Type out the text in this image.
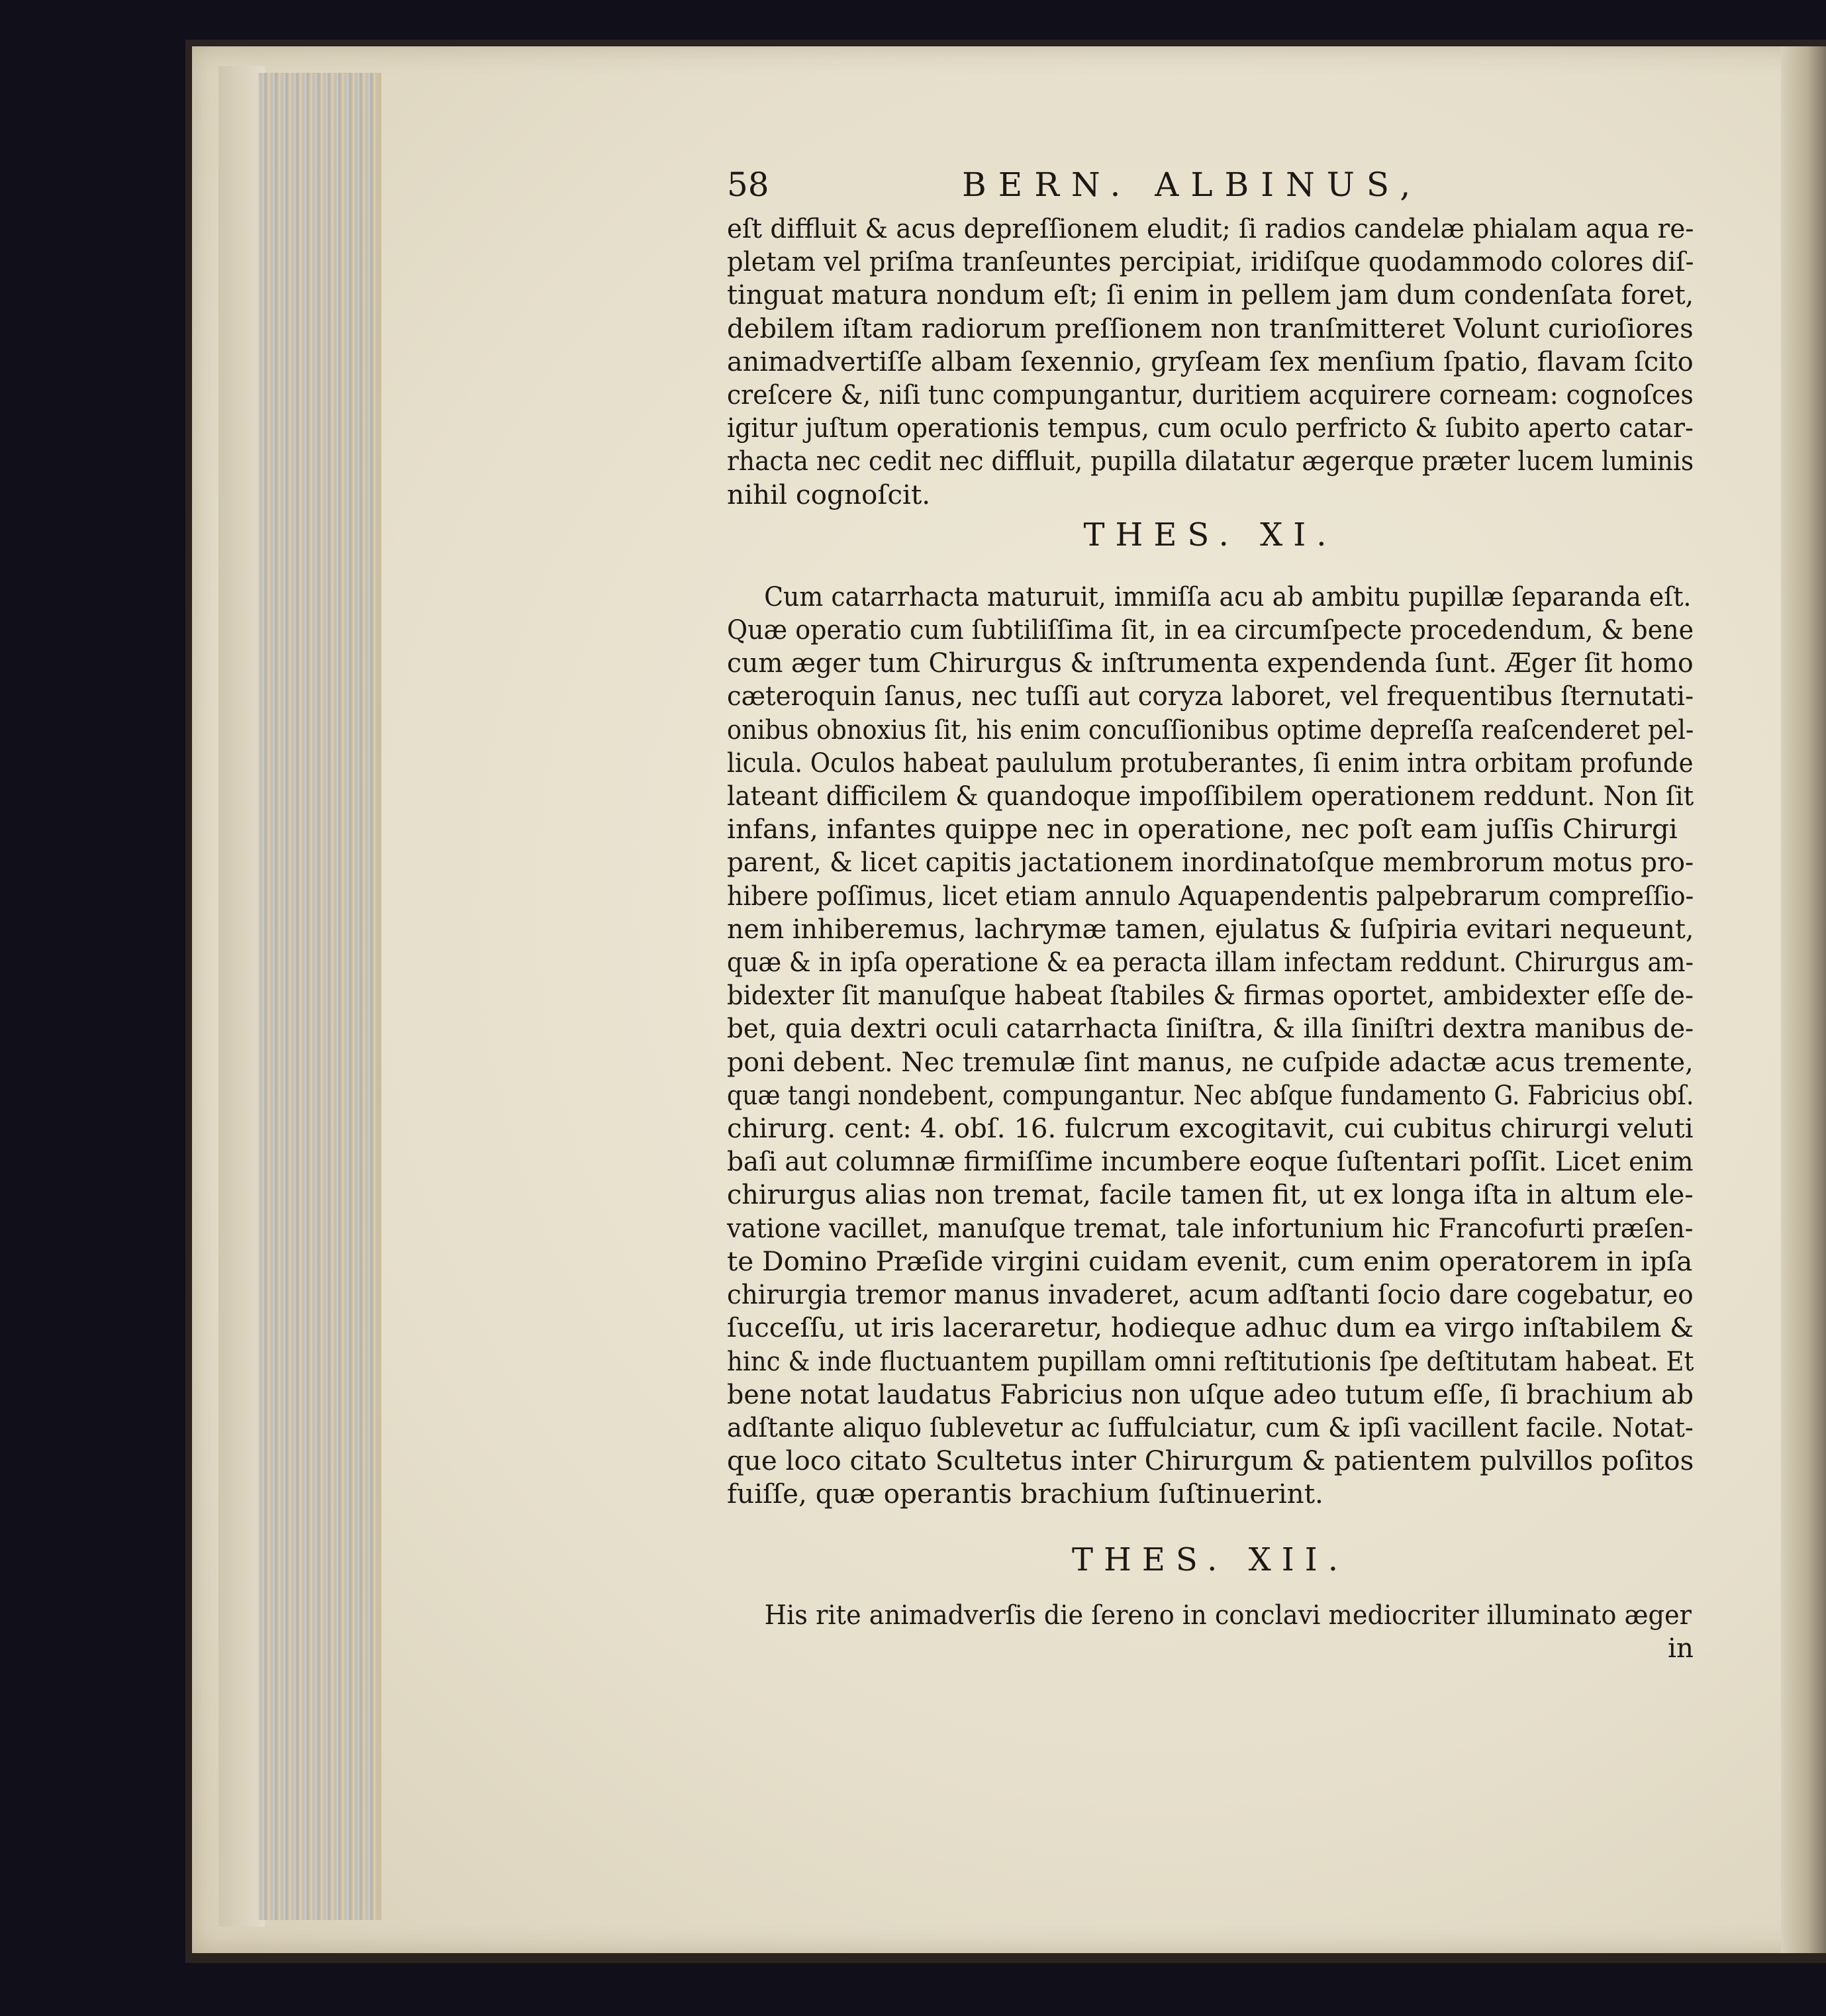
58	BERN. ALBINUS,
eſt diffluit & acus depreſſionem eludit; ſi radios candelæ phialam aqua re-
pletam vel priſma tranſeuntes percipiat, iridiſque quodammodo colores diſ-
tinguat matura nondum eſt; ſi enim in pellem jam dum condenſata foret,
debilem iſtam radiorum preſſionem non tranſmitteret Volunt curioſiores
animadvertiſſe albam ſexennio, gryſeam ſex menſium ſpatio, flavam ſcito
creſcere &, niſi tunc compungantur, duritiem acquirere corneam: cognoſces
igitur juſtum operationis tempus, cum oculo perfricto & ſubito aperto catar-
rhacta nec cedit nec diffluit, pupilla dilatatur ægerque præter lucem luminis
nihil cognoſcit.
THES. XI.
Cum catarrhacta maturuit, immiſſa acu ab ambitu pupillæ ſeparanda eſt.
Quæ operatio cum ſubtiliſſima ſit, in ea circumſpecte procedendum, & bene
cum æger tum Chirurgus & inſtrumenta expendenda ſunt. Æger ſit homo
cæteroquin ſanus, nec tuſſi aut coryza laboret, vel frequentibus ſternutati-
onibus obnoxius ſit, his enim concuſſionibus optime depreſſa reaſcenderet pel-
licula. Oculos habeat paululum protuberantes, ſi enim intra orbitam profunde
lateant difficilem & quandoque impoſſibilem operationem reddunt. Non ſit
infans, infantes quippe nec in operatione, nec poſt eam juſſis Chirurgi
parent, & licet capitis jactationem inordinatoſque membrorum motus pro-
hibere poſſimus, licet etiam annulo Aquapendentis palpebrarum compreſſio-
nem inhiberemus, lachrymæ tamen, ejulatus & ſuſpiria evitari nequeunt,
quæ & in ipſa operatione & ea peracta illam infectam reddunt. Chirurgus am-
bidexter ſit manuſque habeat ſtabiles & firmas oportet, ambidexter eſſe de-
bet, quia dextri oculi catarrhacta ſiniſtra, & illa ſiniſtri dextra manibus de-
poni debent. Nec tremulæ ſint manus, ne cuſpide adactæ acus tremente,
quæ tangi nondebent, compungantur. Nec abſque fundamento G. Fabricius obſ.
chirurg. cent: 4. obſ. 16. fulcrum excogitavit, cui cubitus chirurgi veluti
baſi aut columnæ firmiſſime incumbere eoque ſuſtentari poſſit. Licet enim
chirurgus alias non tremat, facile tamen fit, ut ex longa iſta in altum ele-
vatione vacillet, manuſque tremat, tale infortunium hic Francofurti præſen-
te Domino Præſide virgini cuidam evenit, cum enim operatorem in ipſa
chirurgia tremor manus invaderet, acum adſtanti ſocio dare cogebatur, eo
ſucceſſu, ut iris laceraretur, hodieque adhuc dum ea virgo inſtabilem &
hinc & inde fluctuantem pupillam omni reſtitutionis ſpe deſtitutam habeat. Et
bene notat laudatus Fabricius non uſque adeo tutum eſſe, ſi brachium ab
adſtante aliquo ſublevetur ac ſuffulciatur, cum & ipſi vacillent facile. Notat-
que loco citato Scultetus inter Chirurgum & patientem pulvillos poſitos
fuiſſe, quæ operantis brachium ſuſtinuerint.
THES. XII.
His rite animadverſis die ſereno in conclavi mediocriter illuminato æger
in
